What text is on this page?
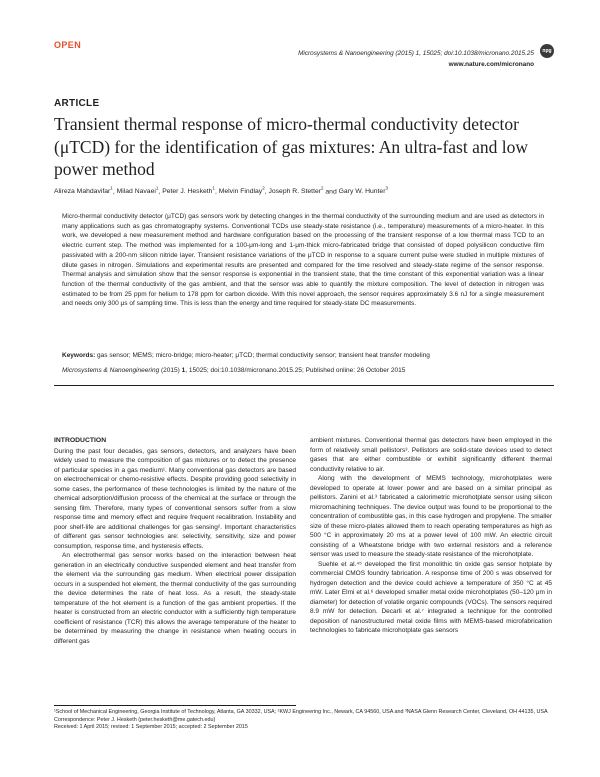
OPEN
Microsystems & Nanoengineering (2015) 1, 15025; doi:10.1038/micronano.2015.25
www.nature.com/micronano
npg
ARTICLE
Transient thermal response of micro-thermal conductivity detector (μTCD) for the identification of gas mixtures: An ultra-fast and low power method
Alireza Mahdavifar$^1$, Milad Navaei$^1$, Peter J. Hesketh$^1$, Melvin Findlay$^2$, Joseph R. Stetter$^2$ and Gary W. Hunter$^3$

Micro-thermal conductivity detector (μTCD) gas sensors work by detecting changes in the thermal conductivity of the surrounding medium and are used as detectors in many applications such as gas chromatography systems. Conventional TCDs use steady-state resistance (i.e., temperature) measurements of a micro-heater. In this work, we developed a new measurement method and hardware configuration based on the processing of the transient response of a low thermal mass TCD to an electric current step. The method was implemented for a 100-μm-long and 1-μm-thick micro-fabricated bridge that consisted of doped polysilicon conductive film passivated with a 200-nm silicon nitride layer. Transient resistance variations of the μTCD in response to a square current pulse were studied in multiple mixtures of dilute gases in nitrogen. Simulations and experimental results are presented and compared for the time resolved and steady-state regime of the sensor response. Thermal analysis and simulation show that the sensor response is exponential in the transient state, that the time constant of this exponential variation was a linear function of the thermal conductivity of the gas ambient, and that the sensor was able to quantify the mixture composition. The level of detection in nitrogen was estimated to be from 25 ppm for helium to 178 ppm for carbon dioxide. With this novel approach, the sensor requires approximately 3.6 nJ for a single measurement and needs only 300 μs of sampling time. This is less than the energy and time required for steady-state DC measurements.

Keywords: gas sensor; MEMS; micro-bridge; micro-heater; μTCD; thermal conductivity sensor; transient heat transfer modeling

Microsystems & Nanoengineering (2015) 1, 15025; doi:10.1038/micronano.2015.25; Published online: 26 October 2015

INTRODUCTION

During the past four decades, gas sensors, detectors, and analyzers have been widely used to measure the composition of gas mixtures or to detect the presence of particular species in a gas medium¹. Many conventional gas detectors are based on electrochemical or chemo-resistive effects. Despite providing good selectivity in some cases, the performance of these technologies is limited by the nature of the chemical adsorption/diffusion process of the chemical at the surface or through the sensing film. Therefore, many types of conventional sensors suffer from a slow response time and memory effect and require frequent recalibration. Instability and poor shelf-life are additional challenges for gas sensing². Important characteristics of different gas sensor technologies are: selectivity, sensitivity, size and power consumption, response time, and hysteresis effects.

An electrothermal gas sensor works based on the interaction between heat generation in an electrically conductive suspended element and heat transfer from the element via the surrounding gas medium. When electrical power dissipation occurs in a suspended hot element, the thermal conductivity of the gas surrounding the device determines the rate of heat loss. As a result, the steady-state temperature of the hot element is a function of the gas ambient properties. If the heater is constructed from an electric conductor with a sufficiently high temperature coefficient of resistance (TCR) this allows the average temperature of the heater to be determined by measuring the change in resistance when heating occurs in different gas

ambient mixtures. Conventional thermal gas detectors have been employed in the form of relatively small pellistors³. Pellistors are solid-state devices used to detect gases that are either combustible or exhibit significantly different thermal conductivity relative to air.

Along with the development of MEMS technology, microhotplates were developed to operate at lower power and are based on a similar principal as pellistors. Zanini et al.³ fabricated a calorimetric microhotplate sensor using silicon micromachining techniques. The device output was found to be proportional to the concentration of combustible gas, in this case hydrogen and propylene. The smaller size of these micro-plates allowed them to reach operating temperatures as high as 500 °C in approximately 20 ms at a power level of 100 mW. An electric circuit consisting of a Wheatstone bridge with two external resistors and a reference sensor was used to measure the steady-state resistance of the microhotplate.

Suehle et al.⁴⁵ developed the first monolithic tin oxide gas sensor hotplate by commercial CMOS foundry fabrication. A response time of 200 s was observed for hydrogen detection and the device could achieve a temperature of 350 °C at 45 mW. Later Elmi et al.⁶ developed smaller metal oxide microhotplates (50–120 μm in diameter) for detection of volatile organic compounds (VOCs). The sensors required 8.9 mW for detection. Decarli et al.⁷ integrated a technique for the controlled deposition of nanostructured metal oxide films with MEMS-based microfabrication technologies to fabricate microhotplate gas sensors

¹School of Mechanical Engineering, Georgia Institute of Technology, Atlanta, GA 30332, USA; ²KWJ Engineering Inc., Newark, CA 94560, USA and ³NASA Glenn Research Center, Cleveland, OH 44135, USA
Correspondence: Peter J. Hesketh (peter.hesketh@me.gatech.edu)
Received: 1 April 2015; revised: 1 September 2015; accepted: 2 September 2015
